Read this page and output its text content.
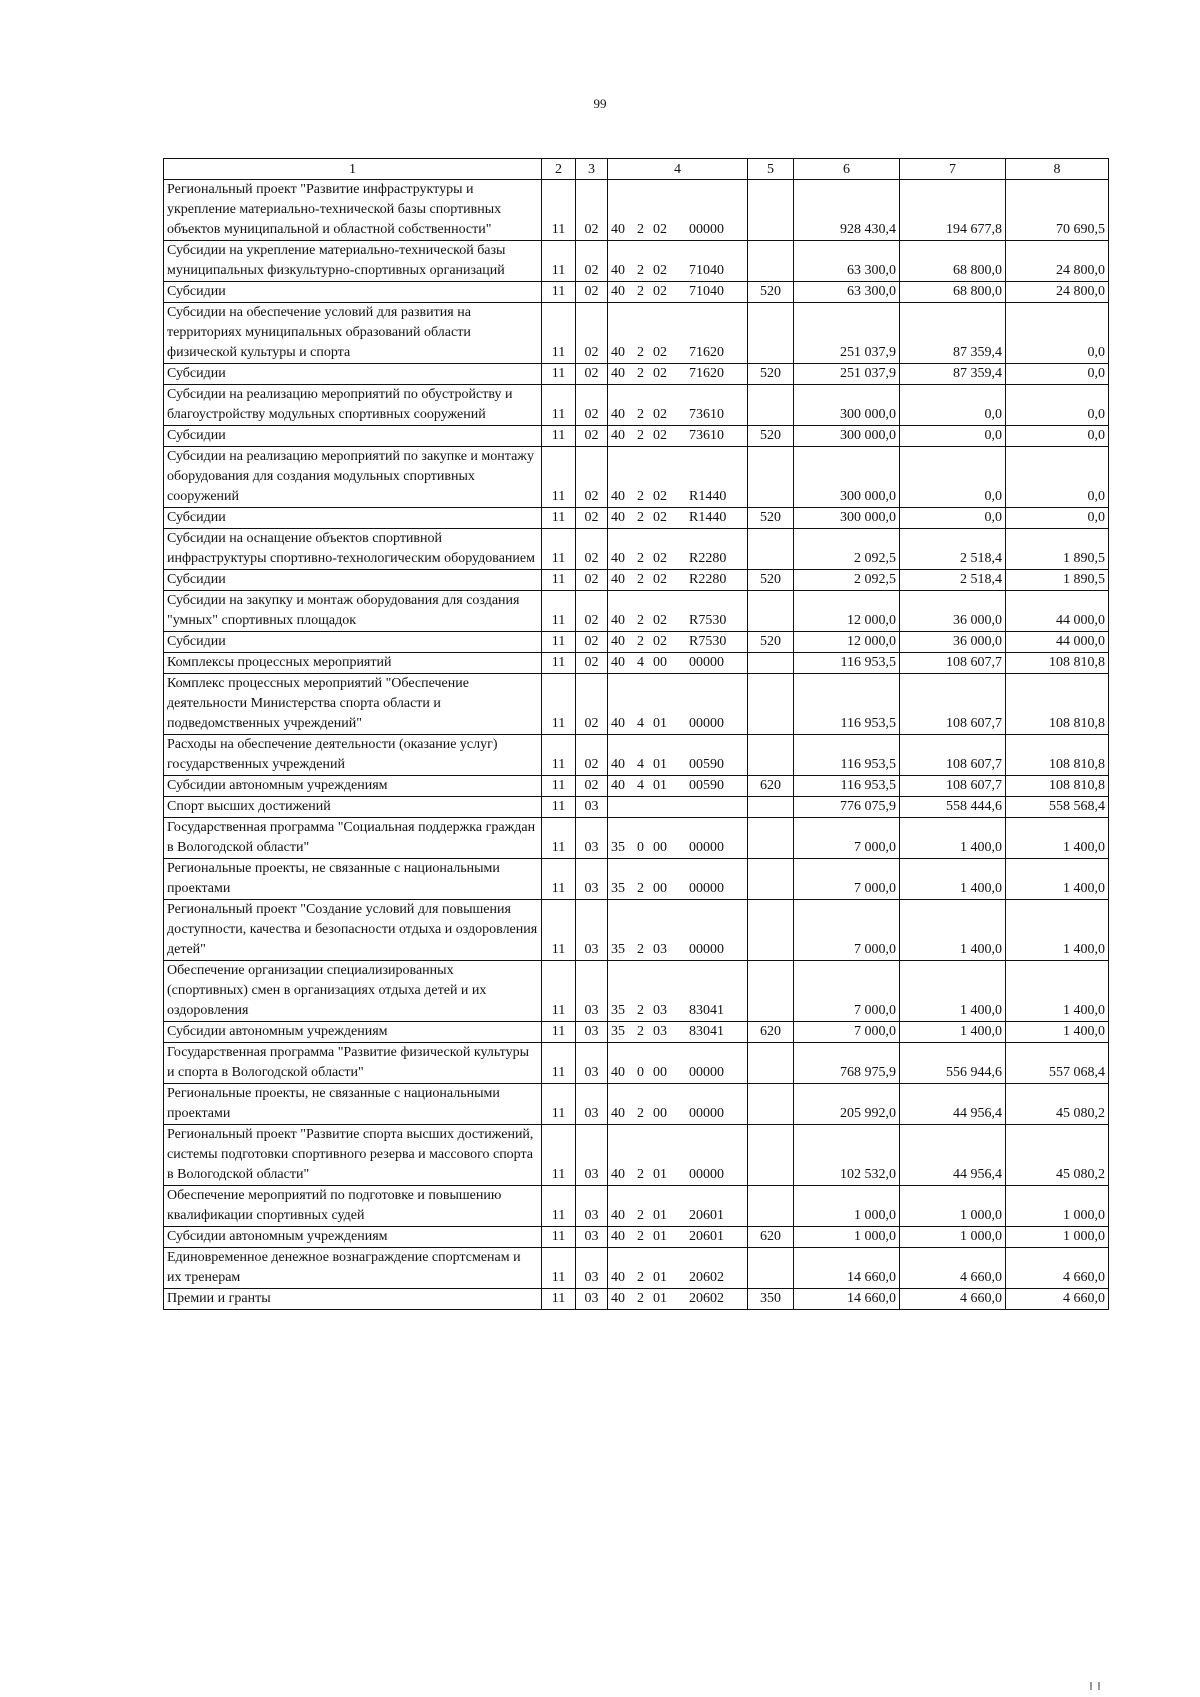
99
1	2	3	4	5	6	7	8
Региональный проект "Развитие инфраструктуры и укрепление материально-технической базы спортивных объектов муниципальной и областной собственности"	11	02	40 2 02 00000		928 430,4	194 677,8	70 690,5
Субсидии на укрепление материально-технической базы муниципальных физкультурно-спортивных организаций	11	02	40 2 02 71040		63 300,0	68 800,0	24 800,0
Субсидии	11	02	40 2 02 71040	520	63 300,0	68 800,0	24 800,0
Субсидии на обеспечение условий для развития на территориях муниципальных образований области физической культуры и спорта	11	02	40 2 02 71620		251 037,9	87 359,4	0,0
Субсидии	11	02	40 2 02 71620	520	251 037,9	87 359,4	0,0
Субсидии на реализацию мероприятий по обустройству и благоустройству модульных спортивных сооружений	11	02	40 2 02 73610		300 000,0	0,0	0,0
Субсидии	11	02	40 2 02 73610	520	300 000,0	0,0	0,0
Субсидии на реализацию мероприятий по закупке и монтажу оборудования для создания модульных спортивных сооружений	11	02	40 2 02 R1440		300 000,0	0,0	0,0
Субсидии	11	02	40 2 02 R1440	520	300 000,0	0,0	0,0
Субсидии на оснащение объектов спортивной инфраструктуры спортивно-технологическим оборудованием	11	02	40 2 02 R2280		2 092,5	2 518,4	1 890,5
Субсидии	11	02	40 2 02 R2280	520	2 092,5	2 518,4	1 890,5
Субсидии на закупку и монтаж оборудования для создания "умных" спортивных площадок	11	02	40 2 02 R7530		12 000,0	36 000,0	44 000,0
Субсидии	11	02	40 2 02 R7530	520	12 000,0	36 000,0	44 000,0
Комплексы процессных мероприятий	11	02	40 4 00 00000		116 953,5	108 607,7	108 810,8
Комплекс процессных мероприятий "Обеспечение деятельности Министерства спорта области и подведомственных учреждений"	11	02	40 4 01 00000		116 953,5	108 607,7	108 810,8
Расходы на обеспечение деятельности (оказание услуг) государственных учреждений	11	02	40 4 01 00590		116 953,5	108 607,7	108 810,8
Субсидии автономным учреждениям	11	02	40 4 01 00590	620	116 953,5	108 607,7	108 810,8
Спорт высших достижений	11	03			776 075,9	558 444,6	558 568,4
Государственная программа "Социальная поддержка граждан в Вологодской области"	11	03	35 0 00 00000		7 000,0	1 400,0	1 400,0
Региональные проекты, не связанные с национальными проектами	11	03	35 2 00 00000		7 000,0	1 400,0	1 400,0
Региональный проект "Создание условий для повышения доступности, качества и безопасности отдыха и оздоровления детей"	11	03	35 2 03 00000		7 000,0	1 400,0	1 400,0
Обеспечение организации специализированных (спортивных) смен в организациях отдыха детей и их оздоровления	11	03	35 2 03 83041		7 000,0	1 400,0	1 400,0
Субсидии автономным учреждениям	11	03	35 2 03 83041	620	7 000,0	1 400,0	1 400,0
Государственная программа "Развитие физической культуры и спорта в Вологодской области"	11	03	40 0 00 00000		768 975,9	556 944,6	557 068,4
Региональные проекты, не связанные с национальными проектами	11	03	40 2 00 00000		205 992,0	44 956,4	45 080,2
Региональный проект "Развитие спорта высших достижений, системы подготовки спортивного резерва и массового спорта в Вологодской области"	11	03	40 2 01 00000		102 532,0	44 956,4	45 080,2
Обеспечение мероприятий по подготовке и повышению квалификации спортивных судей	11	03	40 2 01 20601		1 000,0	1 000,0	1 000,0
Субсидии автономным учреждениям	11	03	40 2 01 20601	620	1 000,0	1 000,0	1 000,0
Единовременное денежное вознаграждение спортсменам и их тренерам	11	03	40 2 01 20602		14 660,0	4 660,0	4 660,0
Премии и гранты	11	03	40 2 01 20602	350	14 660,0	4 660,0	4 660,0
